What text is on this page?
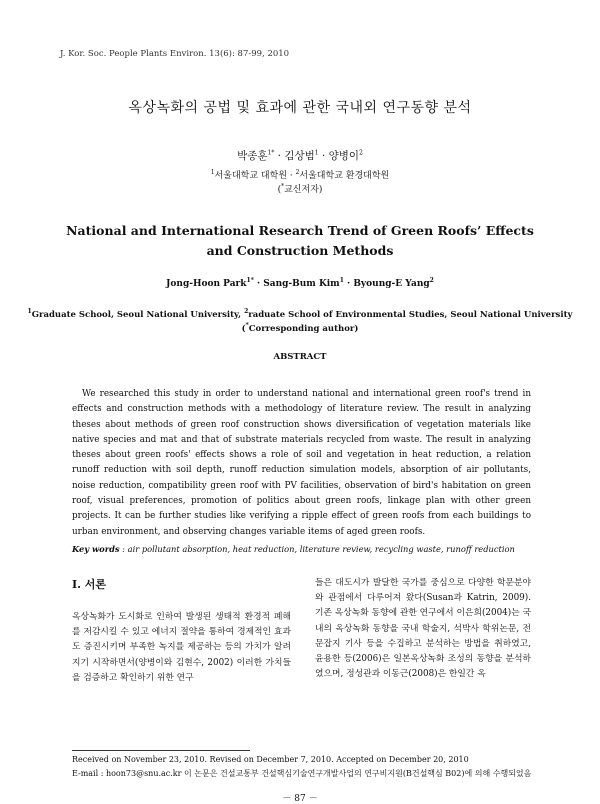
J. Kor. Soc. People Plants Environ. 13(6): 87-99, 2010
옥상녹화의 공법 및 효과에 관한 국내외 연구동향 분석
박종훈$^{1*}$ · 김상범$^1$ · 양병이$^2$
$^1$서울대학교 대학원 · $^2$서울대학교 환경대학원
(*교신저자)
National and International Research Trend of Green Roofs’ Effects
and Construction Methods
Jong-Hoon Park$^{1*}$ · Sang-Bum Kim$^1$ · Byoung-E Yang$^2$
$^1$Graduate School, Seoul National University, $^2$raduate School of Environmental Studies, Seoul National University
(*Corresponding author)
ABSTRACT
We researched this study in order to understand national and international green roof's trend in effects and construction methods with a methodology of literature review. The result in analyzing theses about methods of green roof construction shows diversification of vegetation materials like native species and mat and that of substrate materials recycled from waste. The result in analyzing theses about green roofs' effects shows a role of soil and vegetation in heat reduction, a relation runoff reduction with soil depth, runoff reduction simulation models, absorption of air pollutants, noise reduction, compatibility green roof with PV facilities, observation of bird's habitation on green roof, visual preferences, promotion of politics about green roofs, linkage plan with other green projects. It can be further studies like verifying a ripple effect of green roofs from each buildings to urban environment, and observing changes variable items of aged green roofs.
Key words : air pollutant absorption, heat reduction, literature review, recycling waste, runoff reduction
I. 서론
옥상녹화가 도시화로 인하여 발생된 생태적 환경적 폐해를 저감시킬 수 있고 에너지 절약을 통하여 경제적인 효과도 증진시키며 부족한 녹지를 제공하는 등의 가치가 알려지기 시작하면서(양병이와 김현수, 2002) 이러한 가치들을 검증하고 확인하기 위한 연구
들은 대도시가 발달한 국가를 중심으로 다양한 학문분야와 관점에서 다루어져 왔다(Susan과 Katrin, 2009). 기존 옥상녹화 동향에 관한 연구에서 이은희(2004)는 국내의 옥상녹화 동향을 국내 학술지, 석박사 학위논문, 전문잡지 기사 등을 수집하고 분석하는 방법을 취하였고, 윤용한 등(2006)은 일본옥상녹화 조성의 동향을 분석하였으며, 정성관과 이동근(2008)은 한일간 옥
Received on November 23, 2010. Revised on December 7, 2010. Accepted on December 20, 2010
E-mail : hoon73@snu.ac.kr 이 논문은 건설교통부 건설핵심기술연구개발사업의 연구비지원(B건설핵심 B02)에 의해 수행되었음
－ 87 －
